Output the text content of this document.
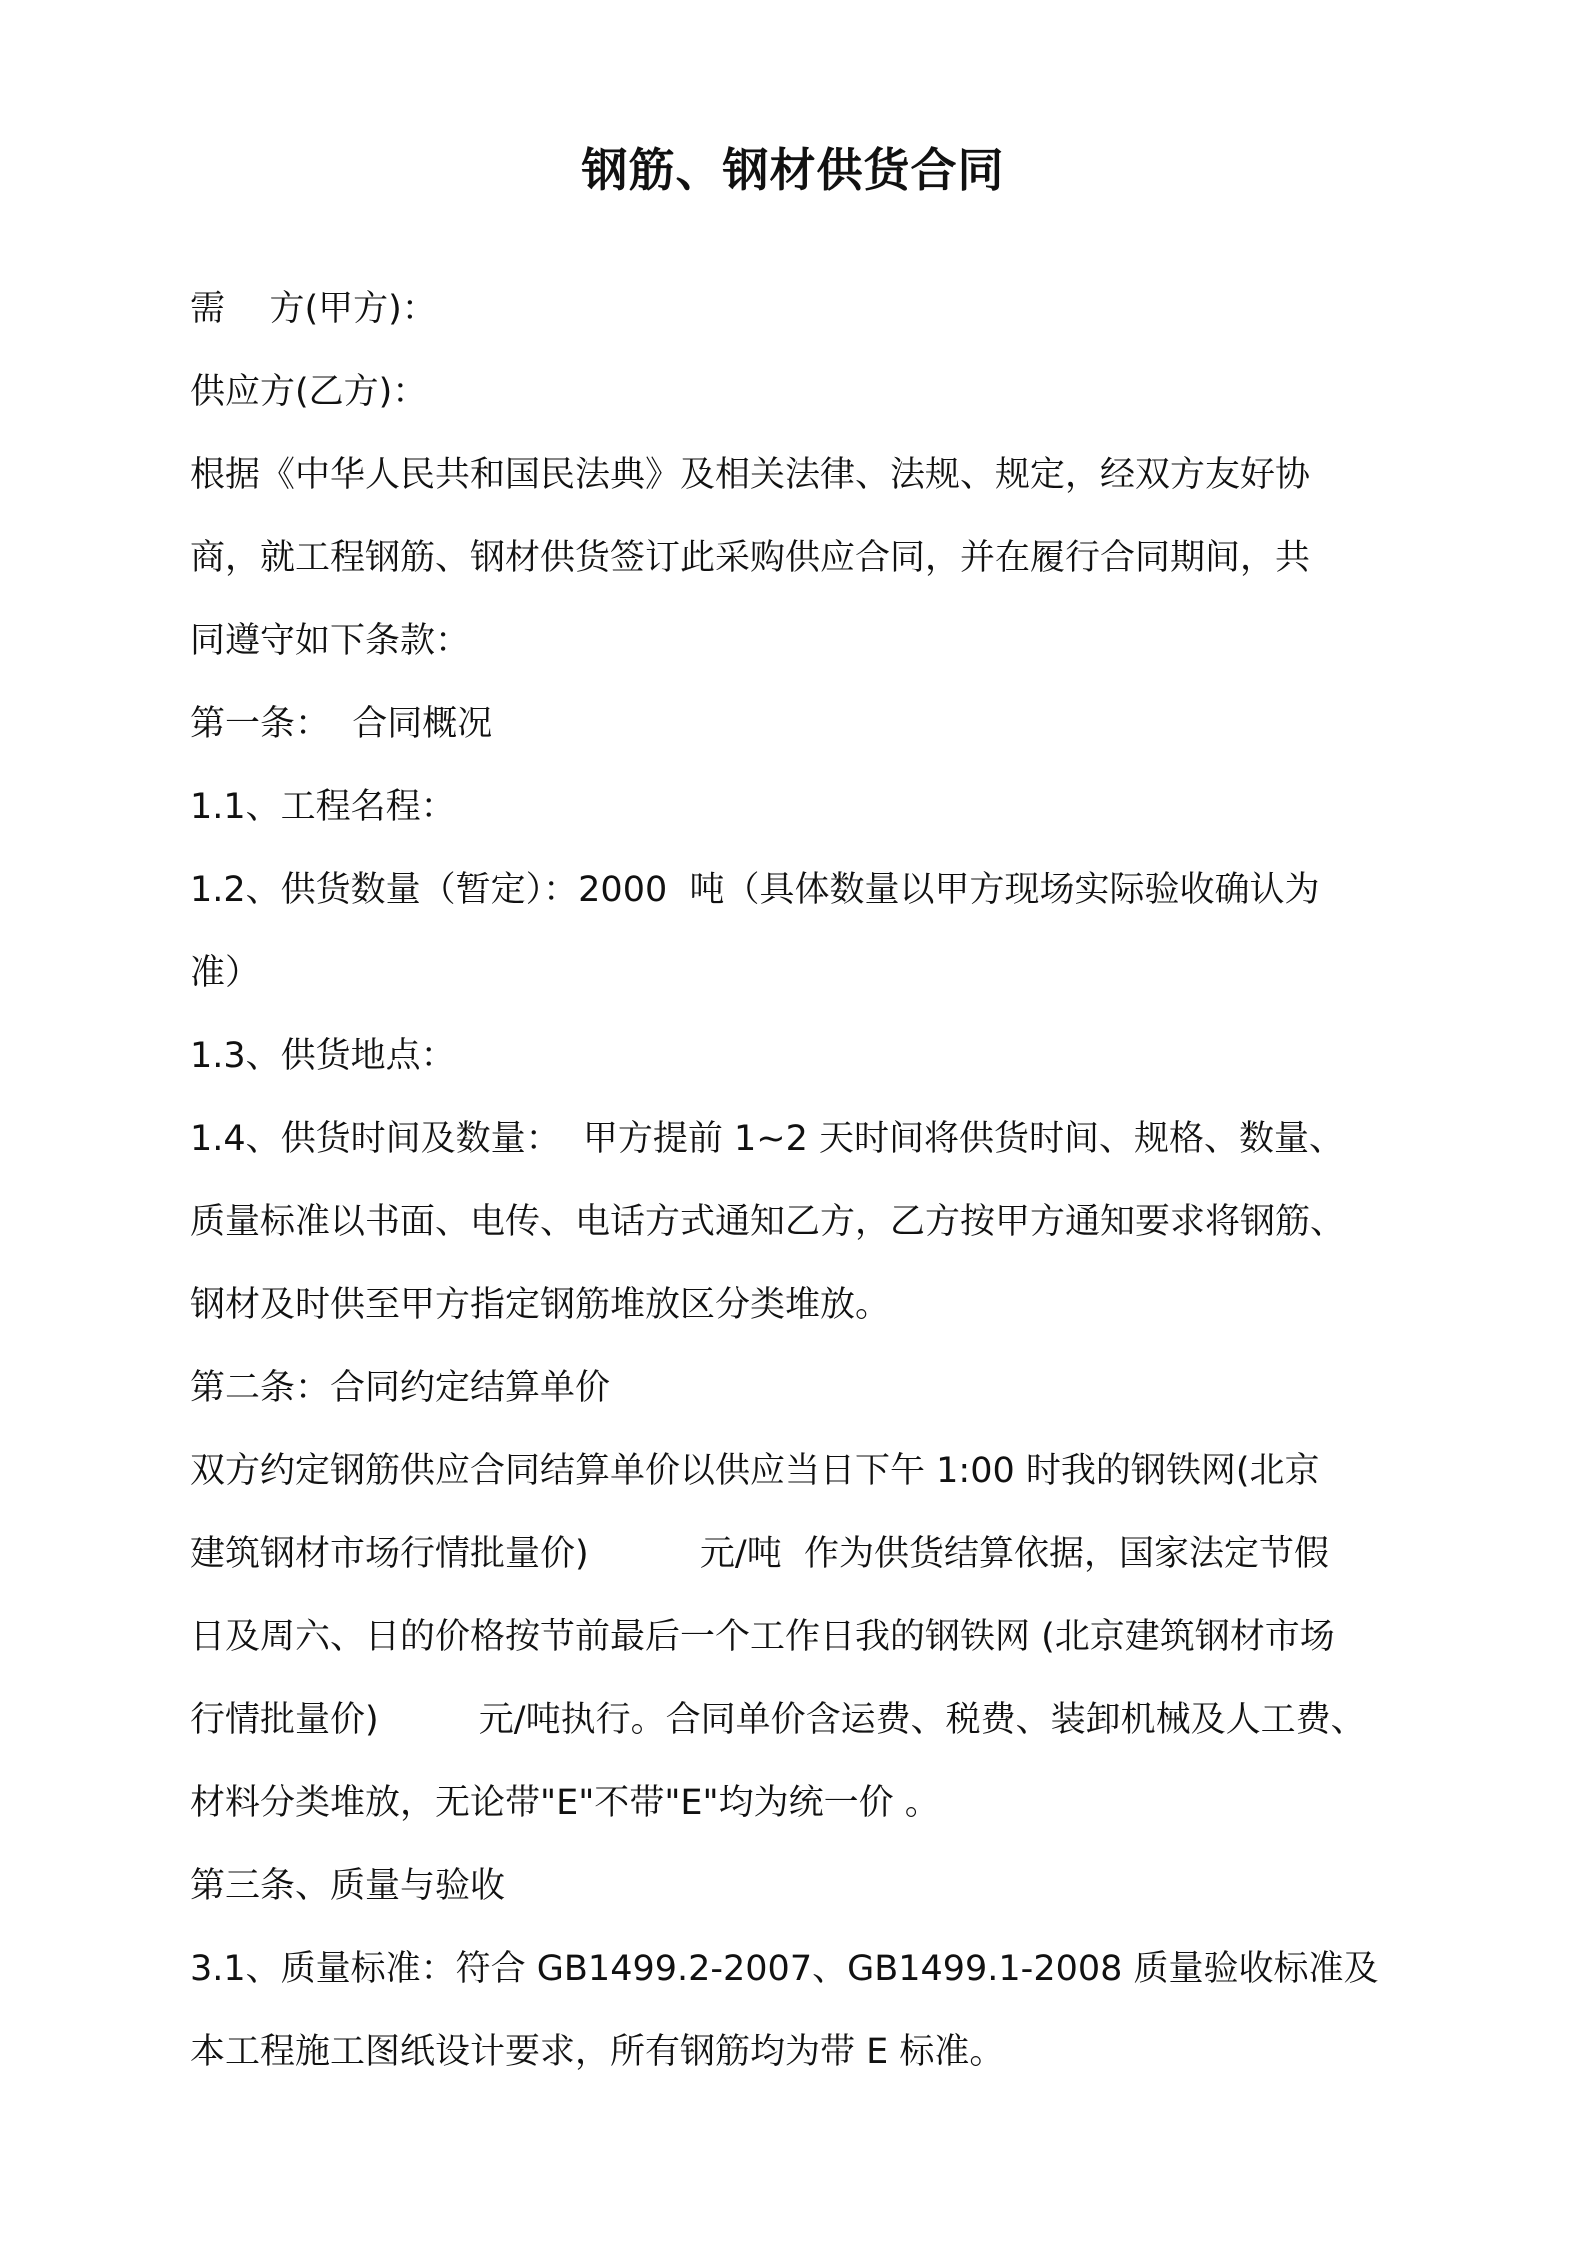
钢筋、钢材供货合同
需    方(甲方)：
供应方(乙方)：
根据《中华人民共和国民法典》及相关法律、法规、规定，经双方友好协
商，就工程钢筋、钢材供货签订此采购供应合同，并在履行合同期间，共
同遵守如下条款：
第一条：  合同概况
1.1、工程名程：
1.2、供货数量（暂定）：2000  吨（具体数量以甲方现场实际验收确认为
准）
1.3、供货地点：
1.4、供货时间及数量：  甲方提前 1~2 天时间将供货时间、规格、数量、
质量标准以书面、电传、电话方式通知乙方，乙方按甲方通知要求将钢筋、
钢材及时供至甲方指定钢筋堆放区分类堆放。
第二条：合同约定结算单价
双方约定钢筋供应合同结算单价以供应当日下午 1:00 时我的钢铁网(北京
建筑钢材市场行情批量价)          元/吨  作为供货结算依据，国家法定节假
日及周六、日的价格按节前最后一个工作日我的钢铁网 (北京建筑钢材市场
行情批量价)         元/吨执行。合同单价含运费、税费、装卸机械及人工费、
材料分类堆放，无论带"E"不带"E"均为统一价 。
第三条、质量与验收
3.1、质量标准：符合 GB1499.2-2007、GB1499.1-2008 质量验收标准及
本工程施工图纸设计要求，所有钢筋均为带 E 标准。
